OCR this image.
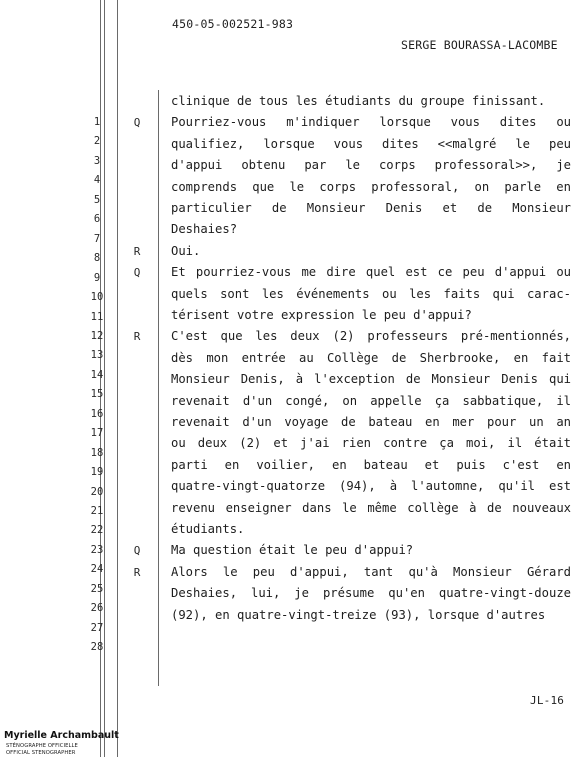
450-05-002521-983
SERGE BOURASSA-LACOMBE
1
clinique de tous les étudiants du groupe finissant.
2
Q	Pourriez-vous m'indiquer lorsque vous dites ou
3
qualifiez, lorsque vous dites <<malgré le peu
4
d'appui obtenu par le corps professoral>>, je
5
comprends que le corps professoral, on parle en
6
particulier de Monsieur Denis et de Monsieur
7
Deshaies?
8
9
R	Oui.
10
Q	Et pourriez-vous me dire quel est ce peu d'appui ou
11
quels sont les événements ou les faits qui carac-
12
térisent votre expression le peu d'appui?
13
R	C'est que les deux (2) professeurs pré-mentionnés,
14
dès mon entrée au Collège de Sherbrooke, en fait
15
Monsieur Denis, à l'exception de Monsieur Denis qui
16
revenait d'un congé, on appelle ça sabbatique, il
17
revenait d'un voyage de bateau en mer pour un an
18
ou deux (2) et j'ai rien contre ça moi, il était
19
parti en voilier, en bateau et puis c'est en
20	quatre-vingt-quatorze (94), à l'automne, qu'il est
21	revenu enseigner dans le même collège à de nouveaux
22	étudiants.
23	Q	Ma question était le peu d'appui?
24	R	Alors le peu d'appui, tant qu'à Monsieur Gérard
25	Deshaies, lui, je présume qu'en quatre-vingt-douze
26	(92), en quatre-vingt-treize (93), lorsque d'autres
27
28
JL-16
Myrielle Archambault
STÉNOGRAPHE OFFICIELLE
OFFICIAL STENOGRAPHER
